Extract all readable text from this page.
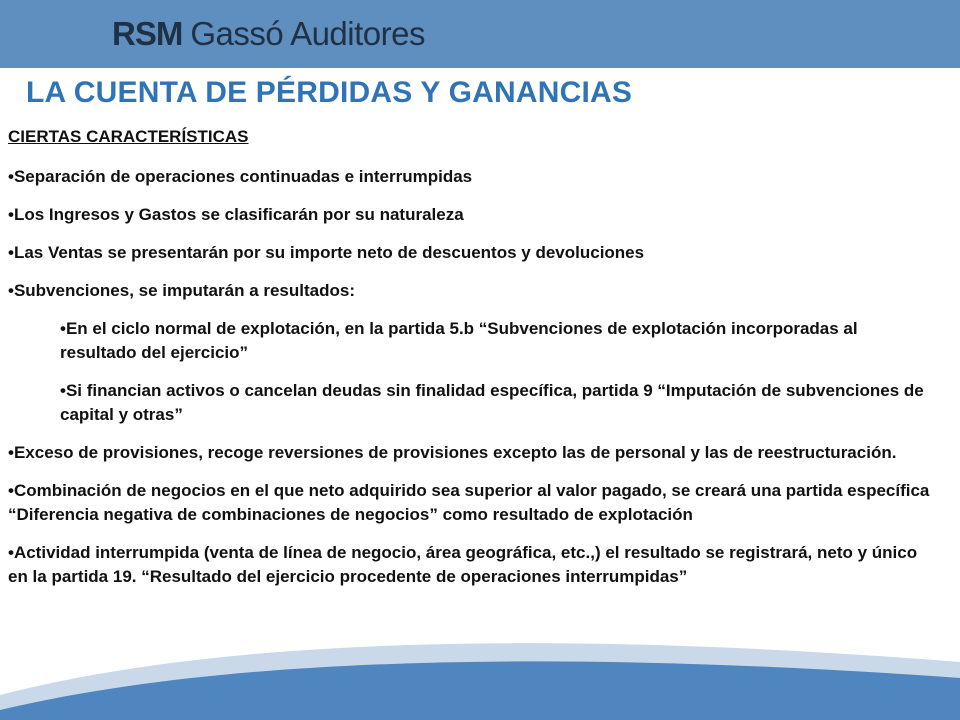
RSM Gassó Auditores
LA CUENTA DE PÉRDIDAS Y GANANCIAS
CIERTAS CARACTERÍSTICAS
•Separación de operaciones continuadas e interrumpidas
•Los Ingresos y Gastos se clasificarán por su naturaleza
•Las Ventas se presentarán por su importe neto de descuentos y devoluciones
•Subvenciones, se imputarán a resultados:
•En el ciclo normal de explotación, en la partida 5.b “Subvenciones de explotación incorporadas al resultado del ejercicio”
•Si financian activos o cancelan deudas sin finalidad específica, partida 9 “Imputación de subvenciones de capital y otras”
•Exceso de provisiones, recoge reversiones de provisiones excepto las de personal y las de reestructuración.
•Combinación de negocios en el que neto adquirido sea superior al valor pagado, se creará una partida específica “Diferencia negativa de combinaciones de negocios” como resultado de explotación
•Actividad interrumpida (venta de línea de negocio, área geográfica, etc.,) el resultado se registrará, neto y único en la partida 19. “Resultado del ejercicio procedente de operaciones interrumpidas”
